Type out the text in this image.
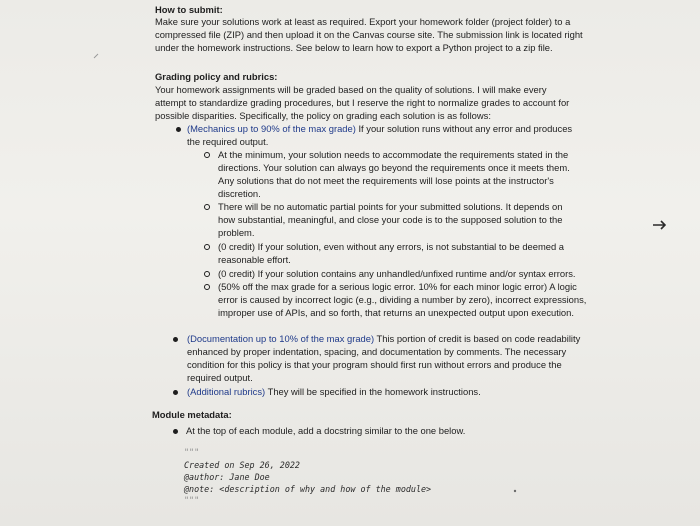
How to submit:
Make sure your solutions work at least as required. Export your homework folder (project folder) to a
compressed file (ZIP) and then upload it on the Canvas course site. The submission link is located right
under the homework instructions. See below to learn how to export a Python project to a zip file.
Grading policy and rubrics:
Your homework assignments will be graded based on the quality of solutions. I will make every
attempt to standardize grading procedures, but I reserve the right to normalize grades to account for
possible disparities. Specifically, the policy on grading each solution is as follows:
(Mechanics up to 90% of the max grade) If your solution runs without any error and produces
the required output.
At the minimum, your solution needs to accommodate the requirements stated in the
directions. Your solution can always go beyond the requirements once it meets them.
Any solutions that do not meet the requirements will lose points at the instructor's
discretion.
There will be no automatic partial points for your submitted solutions. It depends on
how substantial, meaningful, and close your code is to the supposed solution to the
problem.
(0 credit) If your solution, even without any errors, is not substantial to be deemed a
reasonable effort.
(0 credit) If your solution contains any unhandled/unfixed runtime and/or syntax errors.
(50% off the max grade for a serious logic error. 10% for each minor logic error) A logic
error is caused by incorrect logic (e.g., dividing a number by zero), incorrect expressions,
improper use of APIs, and so forth, that returns an unexpected output upon execution.
(Documentation up to 10% of the max grade) This portion of credit is based on code readability
enhanced by proper indentation, spacing, and documentation by comments. The necessary
condition for this policy is that your program should first run without errors and produce the
required output.
(Additional rubrics) They will be specified in the homework instructions.
Module metadata:
At the top of each module, add a docstring similar to the one below.
"""
Created on Sep 26, 2022
@author: Jane Doe
@note: <description of why and how of the module>
"""
